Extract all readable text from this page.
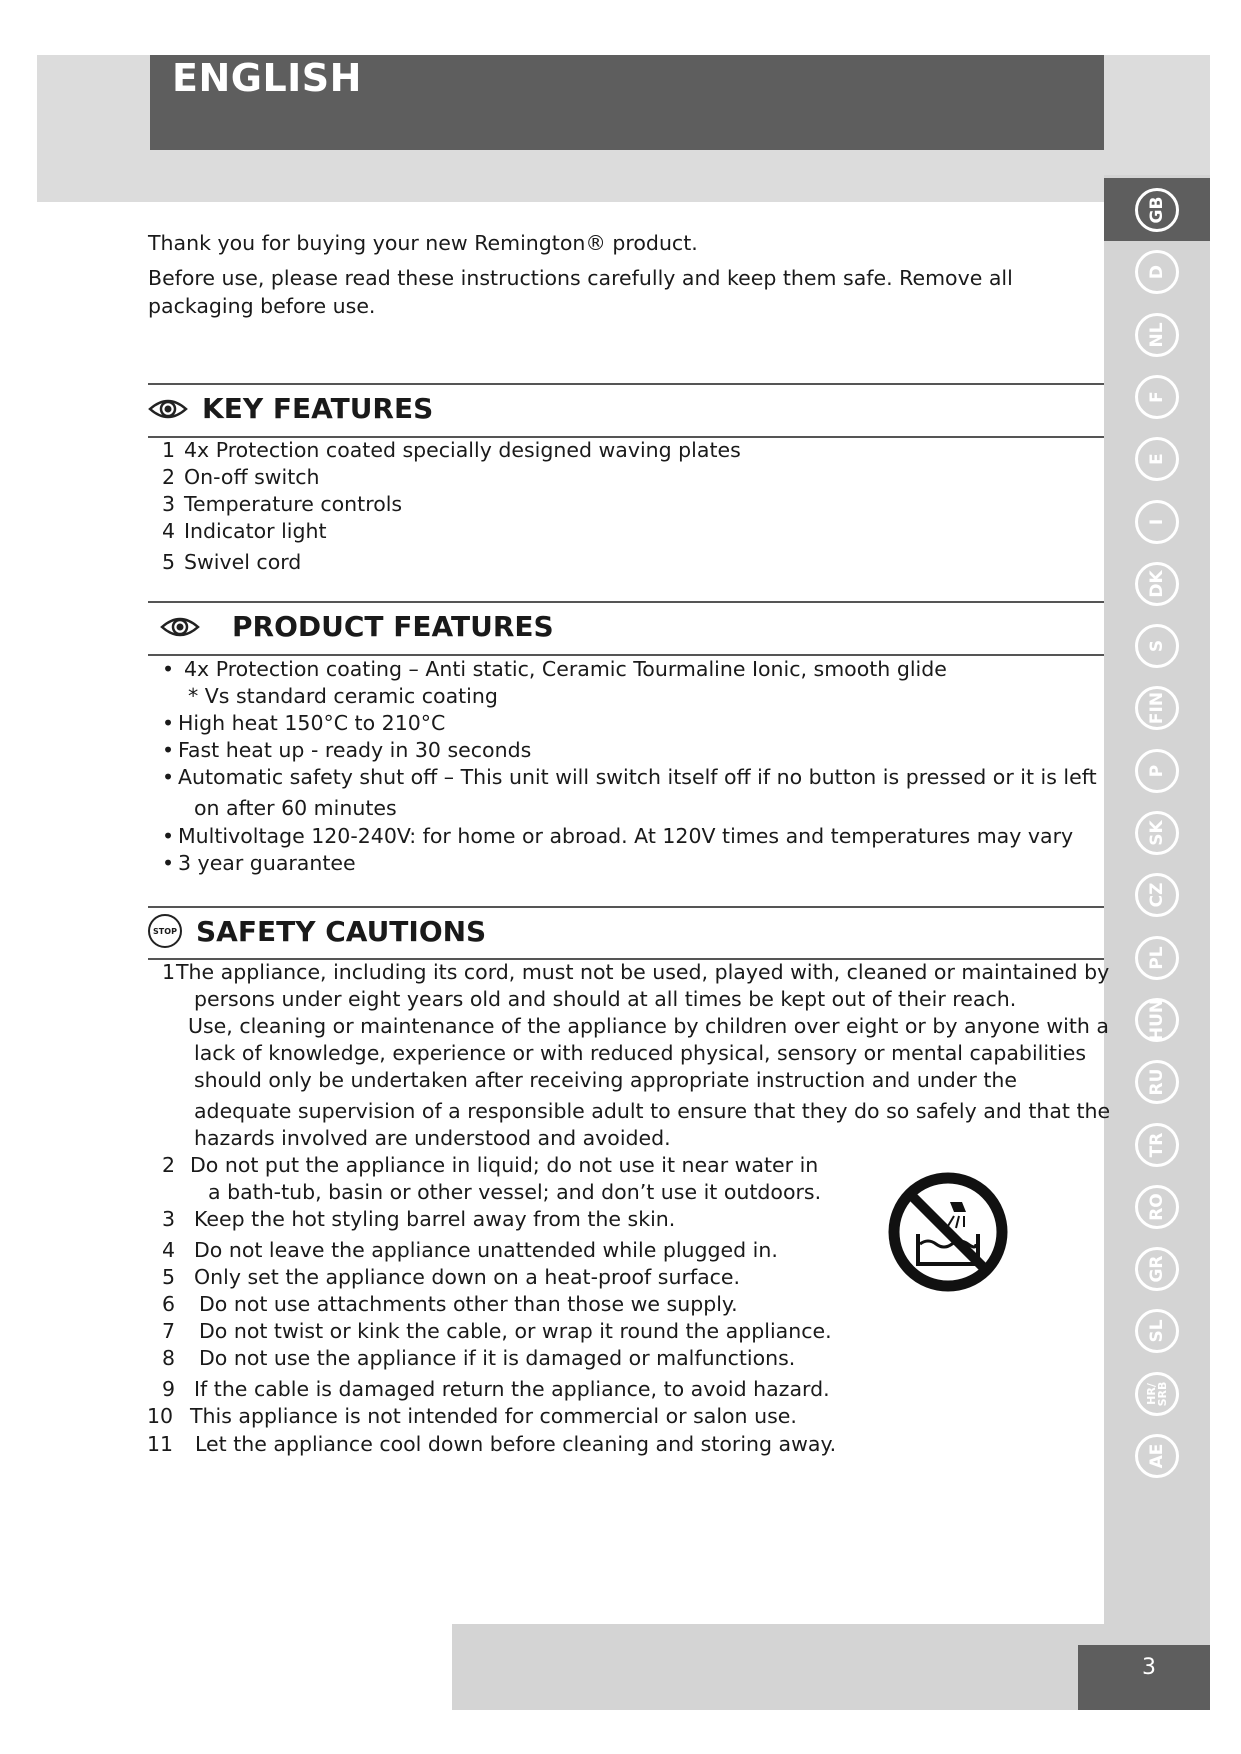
ENGLISH
GB
D
NL
F
E
I
DK
S
FIN
P
SK
CZ
PL
HUN
RU
TR
RO
GR
SL
HR/
SRB
AE
3
Thank you for buying your new Remington® product.
Before use, please read these instructions carefully and keep them safe. Remove all packaging before use.
KEY FEATURES
1 4x Protection coated specially designed waving plates
2 On-off switch
3 Temperature controls
4 Indicator light
5 Swivel cord
PRODUCT FEATURES
• 4x Protection coating – Anti static, Ceramic Tourmaline Ionic, smooth glide
* Vs standard ceramic coating
• High heat 150°C to 210°C
• Fast heat up - ready in 30 seconds
• Automatic safety shut off – This unit will switch itself off if no button is pressed or it is left
on after 60 minutes
• Multivoltage 120-240V: for home or abroad. At 120V times and temperatures may vary
• 3 year guarantee
STOP SAFETY CAUTIONS
1The appliance, including its cord, must not be used, played with, cleaned or maintained by
persons under eight years old and should at all times be kept out of their reach.
Use, cleaning or maintenance of the appliance by children over eight or by anyone with a
lack of knowledge, experience or with reduced physical, sensory or mental capabilities
should only be undertaken after receiving appropriate instruction and under the
adequate supervision of a responsible adult to ensure that they do so safely and that the
hazards involved are understood and avoided.
2 Do not put the appliance in liquid; do not use it near water in
a bath-tub, basin or other vessel; and don’t use it outdoors.
3 Keep the hot styling barrel away from the skin.
4 Do not leave the appliance unattended while plugged in.
5 Only set the appliance down on a heat-proof surface.
6 Do not use attachments other than those we supply.
7 Do not twist or kink the cable, or wrap it round the appliance.
8 Do not use the appliance if it is damaged or malfunctions.
9 If the cable is damaged return the appliance, to avoid hazard.
10 This appliance is not intended for commercial or salon use.
11 Let the appliance cool down before cleaning and storing away.
